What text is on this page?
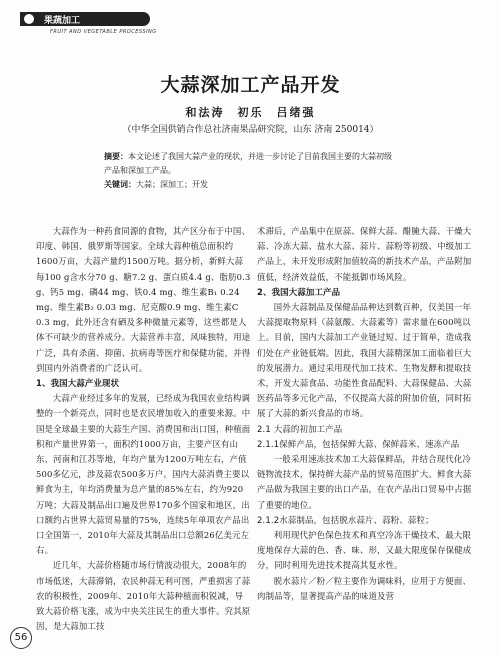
果蔬加工
FRUIT AND VEGETABLE PROCESSING
大蒜深加工产品开发
和法涛　初乐　吕绪强
（中华全国供销合作总社济南果品研究院，山东 济南 250014）
摘要：本文论述了我国大蒜产业的现状，并进一步讨论了目前我国主要的大蒜初级产品和深加工产品。
关键词：大蒜；深加工；开发

大蒜作为一种药食同源的食物，其产区分布于中国、印度、韩国、俄罗斯等国家。全球大蒜种植总面积约1600万亩，大蒜产量约1500万吨。据分析，新鲜大蒜每100 g含水分70 g、糖7.2 g、蛋白质4.4 g、脂肪0.3 g、钙5 mg、磷44 mg、铁0.4 mg、维生素B₁ 0.24 mg、维生素B₂ 0.03 mg、尼克酸0.9 mg、维生素C 0.3 mg，此外还含有硒及多种微量元素等，这些都是人体不可缺少的营养成分。大蒜营养丰富，风味独特，用途广泛，具有杀菌、抑菌、抗病毒等医疗和保健功能，并得到国内外消费者的广泛认可。

1、我国大蒜产业现状

大蒜产业经过多年的发展，已经成为我国农业结构调整的一个新亮点，同时也是农民增加收入的重要来源。中国是全球最主要的大蒜生产国、消费国和出口国，种植面积和产量世界第一，面积约1000万亩，主要产区有山东、河南和江苏等地，年均产量为1200万吨左右，产值500多亿元，涉及蒜农500多万户。国内大蒜消费主要以鲜食为主，年均消费量为总产量的85%左右，约为920万吨；大蒜及制品出口遍及世界170多个国家和地区，出口额约占世界大蒜贸易量的75%，连续5年单项农产品出口全国第一，2010年大蒜及其制品出口总额26亿美元左右。

近几年，大蒜价格随市场行情波动很大，2008年的市场低迷，大蒜滞销，农民种蒜无利可图，严重损害了蒜农的积极性，2009年、2010年大蒜种植面积锐减，导致大蒜价格飞涨，成为中央关注民生的重大事件。究其原因，是大蒜加工技

术滞后，产品集中在原蒜、保鲜大蒜、醋腌大蒜、干燥大蒜、冷冻大蒜、盐水大蒜、蒜片、蒜粉等初级、中级加工产品上，未开发形成附加值较高的新技术产品，产品附加值低，经济效益低，不能抵御市场风险。

2、我国大蒜加工产品

国外大蒜制品及保健品品种达到数百种，仅美国一年大蒜提取物原料（蒜氨酸、大蒜素等）需求量在600吨以上。目前，国内大蒜加工产业链过短、过于简单，造成我们处在产业链低端。因此，我国大蒜精深加工面临着巨大的发展潜力。通过采用现代加工技术、生物发酵和提取技术，开发大蒜食品、功能性食品配料、大蒜保健品、大蒜医药品等多元化产品，不仅提高大蒜的附加价值，同时拓展了大蒜的新兴食品的市场。

2.1 大蒜的初加工产品
2.1.1保鲜产品，包括保鲜大蒜、保鲜蒜米、速冻产品

一般采用速冻技术加工大蒜保鲜品，并结合现代化冷链物流技术，保持鲜大蒜产品的贸易范围扩大。鲜食大蒜产品做为我国主要的出口产品，在农产品出口贸易中占据了重要的地位。

2.1.2水蒜制品，包括脱水蒜片、蒜粉、蒜粒；

利用现代护色保色技术和真空冷冻干燥技术，最大限度地保存大蒜的色、香、味、形，又最大限度保存保健成分，同时利用先进技术提高其复水性。

脱水蒜片／粉／粒主要作为调味料，应用于方便面、肉制品等，显著提高产品的味道及营

56
